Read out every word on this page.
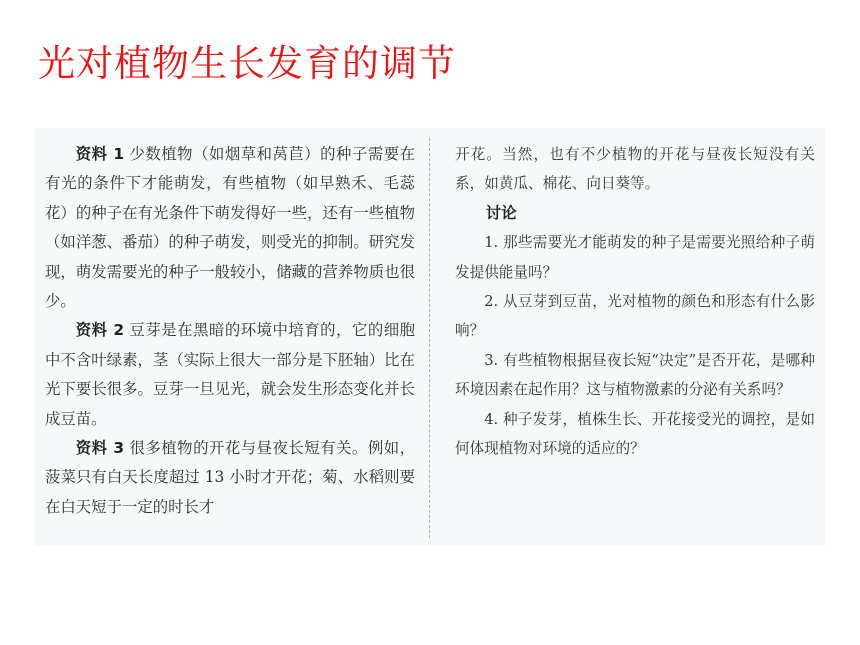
光对植物生长发育的调节

资料 1 少数植物（如烟草和莴苣）的种子需要在有光的条件下才能萌发，有些植物（如早熟禾、毛蕊花）的种子在有光条件下萌发得好一些，还有一些植物（如洋葱、番茄）的种子萌发，则受光的抑制。研究发现，萌发需要光的种子一般较小，储藏的营养物质也很少。

资料 2 豆芽是在黑暗的环境中培育的，它的细胞中不含叶绿素，茎（实际上很大一部分是下胚轴）比在光下要长很多。豆芽一旦见光，就会发生形态变化并长成豆苗。

资料 3 很多植物的开花与昼夜长短有关。例如，菠菜只有白天长度超过 13 小时才开花；菊、水稻则要在白天短于一定的时长才

开花。当然，也有不少植物的开花与昼夜长短没有关系，如黄瓜、棉花、向日葵等。

讨论

1. 那些需要光才能萌发的种子是需要光照给种子萌发提供能量吗？

2. 从豆芽到豆苗，光对植物的颜色和形态有什么影响？

3. 有些植物根据昼夜长短“决定”是否开花，是哪种环境因素在起作用？这与植物激素的分泌有关系吗？

4. 种子发芽，植株生长、开花接受光的调控，是如何体现植物对环境的适应的？
